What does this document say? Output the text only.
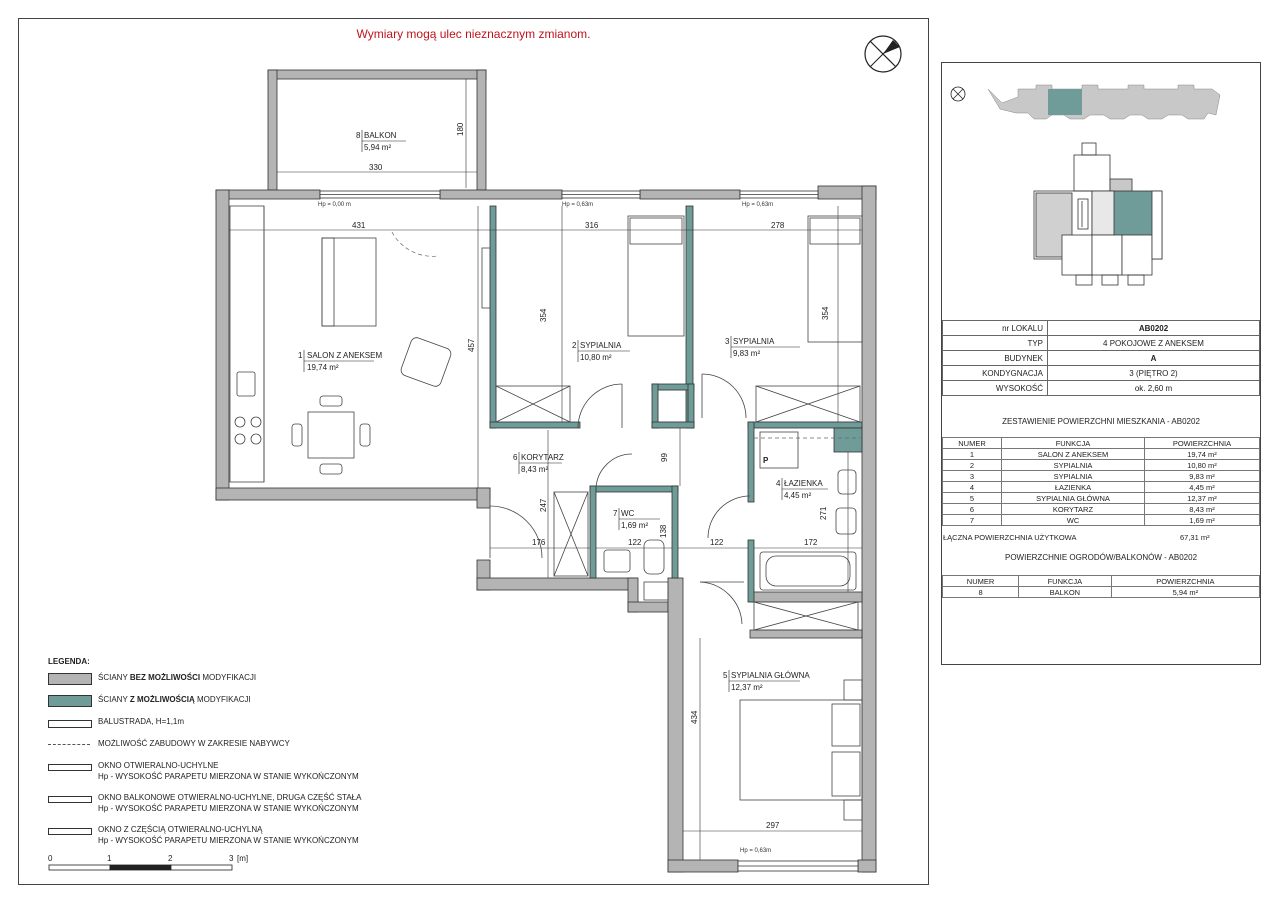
Wymiary mogą ulec nieznacznym zmianom.
Hp = 0,00 m	Hp = 0,63m	Hp = 0,63m
Hp = 0,63m
1 SALON Z ANEKSEM
19,74 m²
2 SYPIALNIA
10,80 m²
3 SYPIALNIA
9,83 m²
4 ŁAZIENKA
4,45 m²
5 SYPIALNIA GŁÓWNA
12,37 m²
6 KORYTARZ
8,43 m²
7 WC
1,69 m²
8 BALKON
5,94 m²
330
180
431
457
316
354
278
354
99
247
176	122
138
122
271
172
297
434
P
LEGENDA:
ŚCIANY BEZ MOŻLIWOŚCI MODYFIKACJI
ŚCIANY Z MOŻLIWOŚCIĄ MODYFIKACJI
BALUSTRADA, H=1,1m
MOŻLIWOŚĆ ZABUDOWY W ZAKRESIE NABYWCY
OKNO OTWIERALNO-UCHYLNE
Hp - WYSOKOŚĆ PARAPETU MIERZONA W STANIE WYKOŃCZONYM
OKNO BALKONOWE OTWIERALNO-UCHYLNE, DRUGA CZĘŚĆ STAŁA
Hp - WYSOKOŚĆ PARAPETU MIERZONA W STANIE WYKOŃCZONYM
OKNO Z CZĘŚCIĄ OTWIERALNO-UCHYLNĄ
Hp - WYSOKOŚĆ PARAPETU MIERZONA W STANIE WYKOŃCZONYM
0	1	2	3 [m]
nr LOKALU	AB0202
TYP	4 POKOJOWE Z ANEKSEM
BUDYNEK	A
KONDYGNACJA	3 (PIĘTRO 2)
WYSOKOŚĆ	ok. 2,60 m
ZESTAWIENIE POWIERZCHNI MIESZKANIA - AB0202
NUMER	FUNKCJA	POWIERZCHNIA
1	SALON Z ANEKSEM	19,74 m²
2	SYPIALNIA	10,80 m²
3	SYPIALNIA	9,83 m²
4	ŁAZIENKA	4,45 m²
5	SYPIALNIA GŁÓWNA	12,37 m²
6	KORYTARZ	8,43 m²
7	WC	1,69 m²
ŁĄCZNA POWIERZCHNIA UŻYTKOWA	67,31 m²
POWIERZCHNIE OGRODÓW/BALKONÓW - AB0202
NUMER	FUNKCJA	POWIERZCHNIA
8	BALKON	5,94 m²
